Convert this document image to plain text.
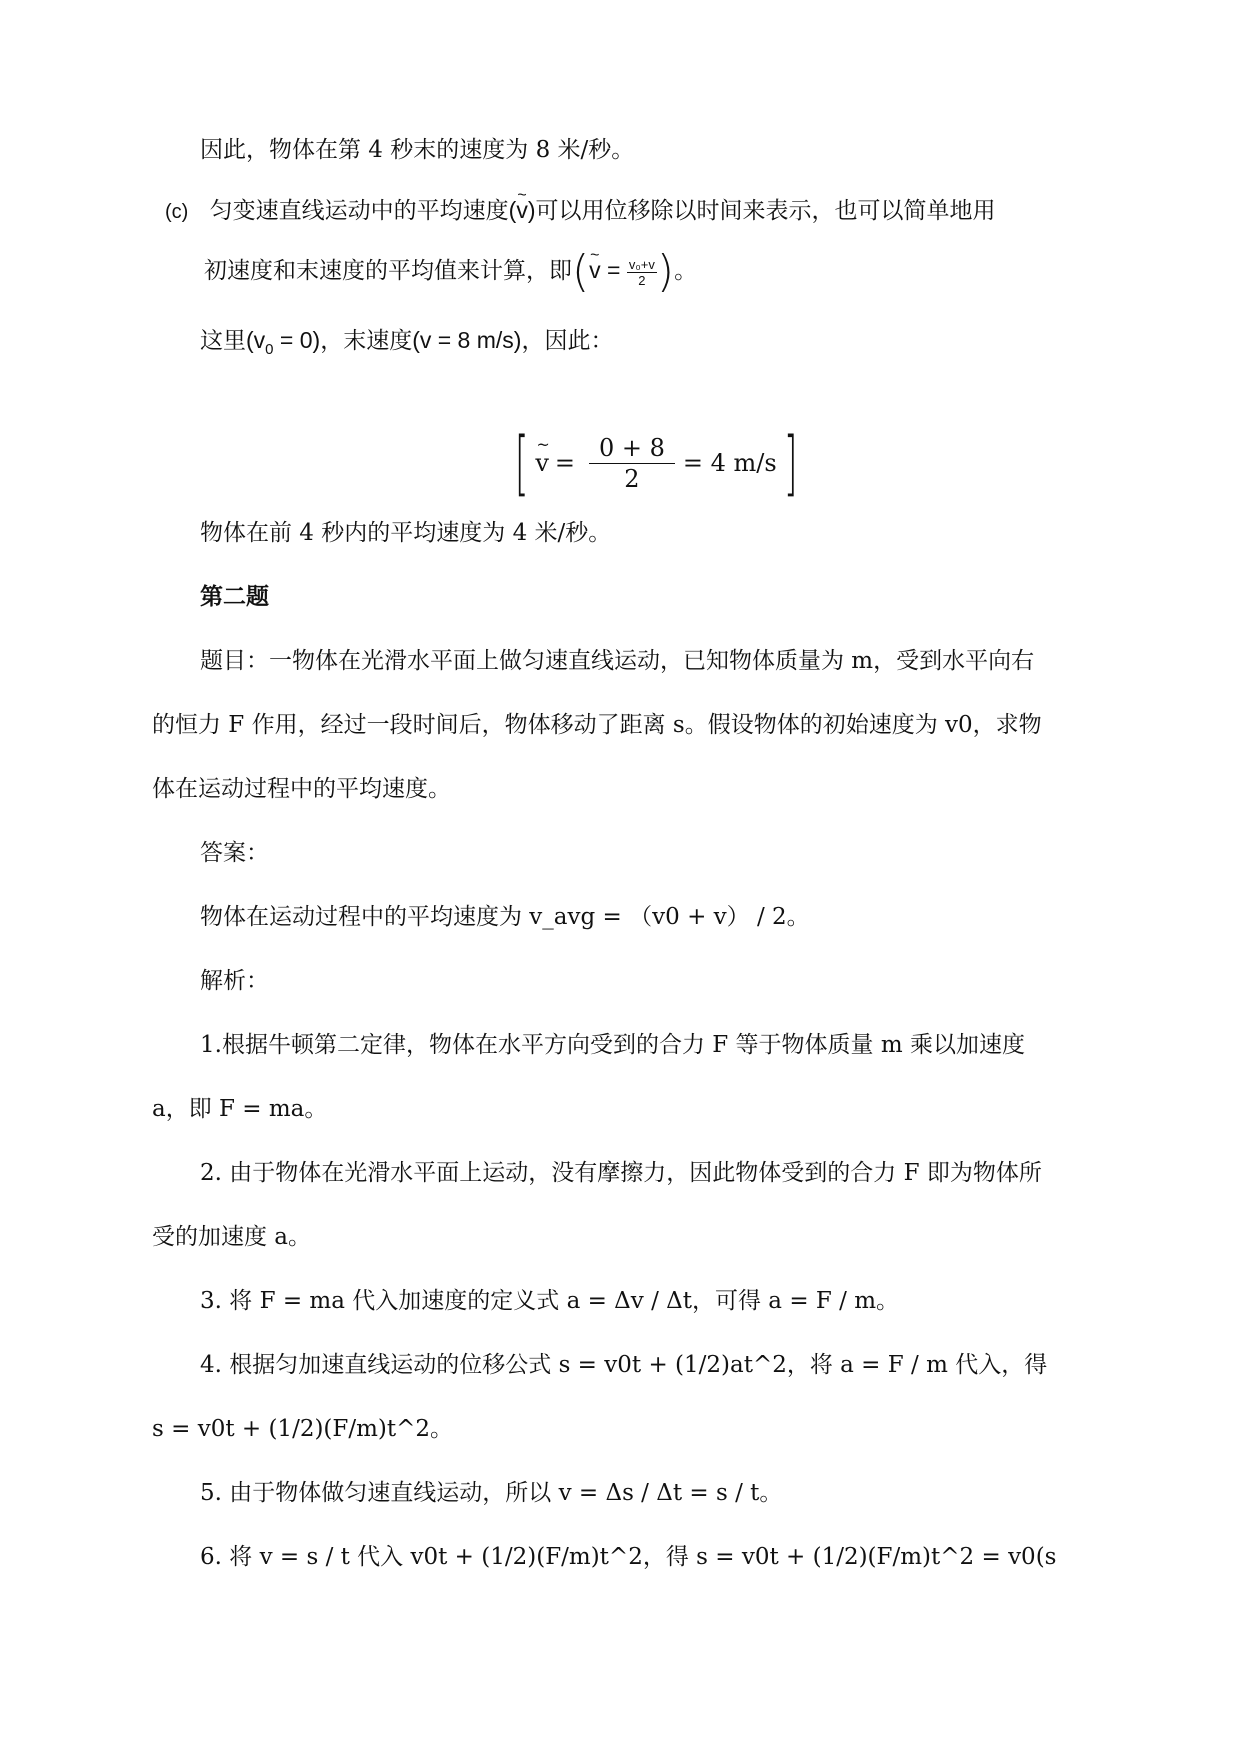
因此，物体在第 4 秒末的速度为 8 米/秒。
(c) 匀变速直线运动中的平均速度(~ v)可以用位移除以时间来表示，也可以简单地用
初速度和末速度的平均值来计算，即(~ $v = \frac{\text{v₀+v}}{2}$ )。
这里$(v_0 = 0)$，末速度(v = 8 m/s)，因此：
[
~ $v = \frac{0 + 8}{2} = 4$ m/s ]
物体在前 4 秒内的平均速度为 4 米/秒。
第二题
题目：一物体在光滑水平面上做匀速直线运动，已知物体质量为 m，受到水平向右
的恒力 F 作用，经过一段时间后，物体移动了距离 s。假设物体的初始速度为 v0，求物
体在运动过程中的平均速度。
答案：
物体在运动过程中的平均速度为 v_avg = （v0 + v） / 2。
解析：
1.根据牛顿第二定律，物体在水平方向受到的合力 F 等于物体质量 m 乘以加速度
a，即 F = ma。
2. 由于物体在光滑水平面上运动，没有摩擦力，因此物体受到的合力 F 即为物体所
受的加速度 a。
3. 将 F = ma 代入加速度的定义式 a = Δv / Δt，可得 a = F / m。
4. 根据匀加速直线运动的位移公式 s = v0t + (1/2)at^2，将 a = F / m 代入，得
s = v0t + (1/2)(F/m)t^2。
5. 由于物体做匀速直线运动，所以 v = Δs / Δt = s / t。
6. 将 v = s / t 代入 v0t + (1/2)(F/m)t^2，得 s = v0t + (1/2)(F/m)t^2 = v0(s
